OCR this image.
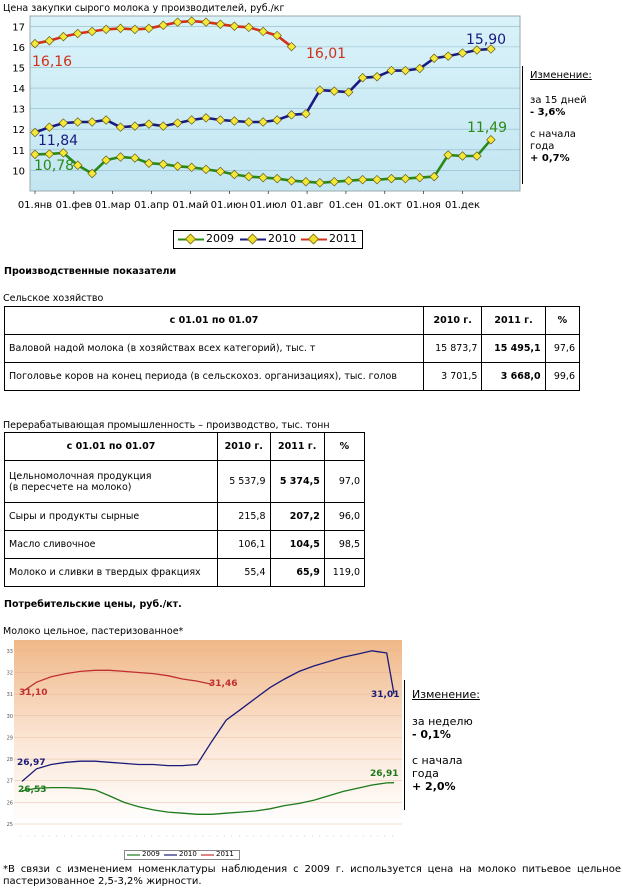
Цена закупки сырого молока у производителей, руб./кг
10
11
12
13
14
15
16
17
01.янв 01.фев 01.мар 01.апр 01.май 01.июн 01.июл 01.авг 01.сен 01.окт 01.ноя 01.дек
16,16	16,01
11,84
15,90
10,78
11,49
Изменение:
за 15 дней
- 3,6%
с начала
года
+ 0,7%
2009	2010	2011
Производственные показатели
Сельское хозяйство
с 01.01 по 01.07	2010 г.	2011 г.	%
Валовой надой молока (в хозяйствах всех категорий), тыс. т	15 873,7	15 495,1	97,6
Поголовье коров на конец периода (в сельскохоз. организациях), тыс. голов	3 701,5	3 668,0	99,6
Перерабатывающая промышленность – производство, тыс. тонн
с 01.01 по 01.07	2010 г.	2011 г.	%
Цельномолочная продукция
(в пересчете на молоко)	5 537,9	5 374,5	97,0
Сыры и продукты сырные	215,8	207,2	96,0
Масло сливочное	106,1	104,5	98,5
Молоко и сливки в твердых фракциях	55,4	65,9	119,0
Потребительские цены, руб./кт.
Молоко цельное, пастеризованное*
25
26
27
28
29
30
31
32
33
· · · · · · · · · · · · · · · · · · · · · · · · · · · · · · · · · · · · · · · · · · · · · · · · · · · ·
31,10
31,46
26,97
31,01
26,53
26,91
Изменение:
за неделю
- 0,1%
с начала
года
+ 2,0%
2009	2010	2011
*В связи с изменением номенклатуры наблюдения с 2009 г. используется цена на молоко питьевое цельное пастеризованное 2,5-3,2% жирности.
